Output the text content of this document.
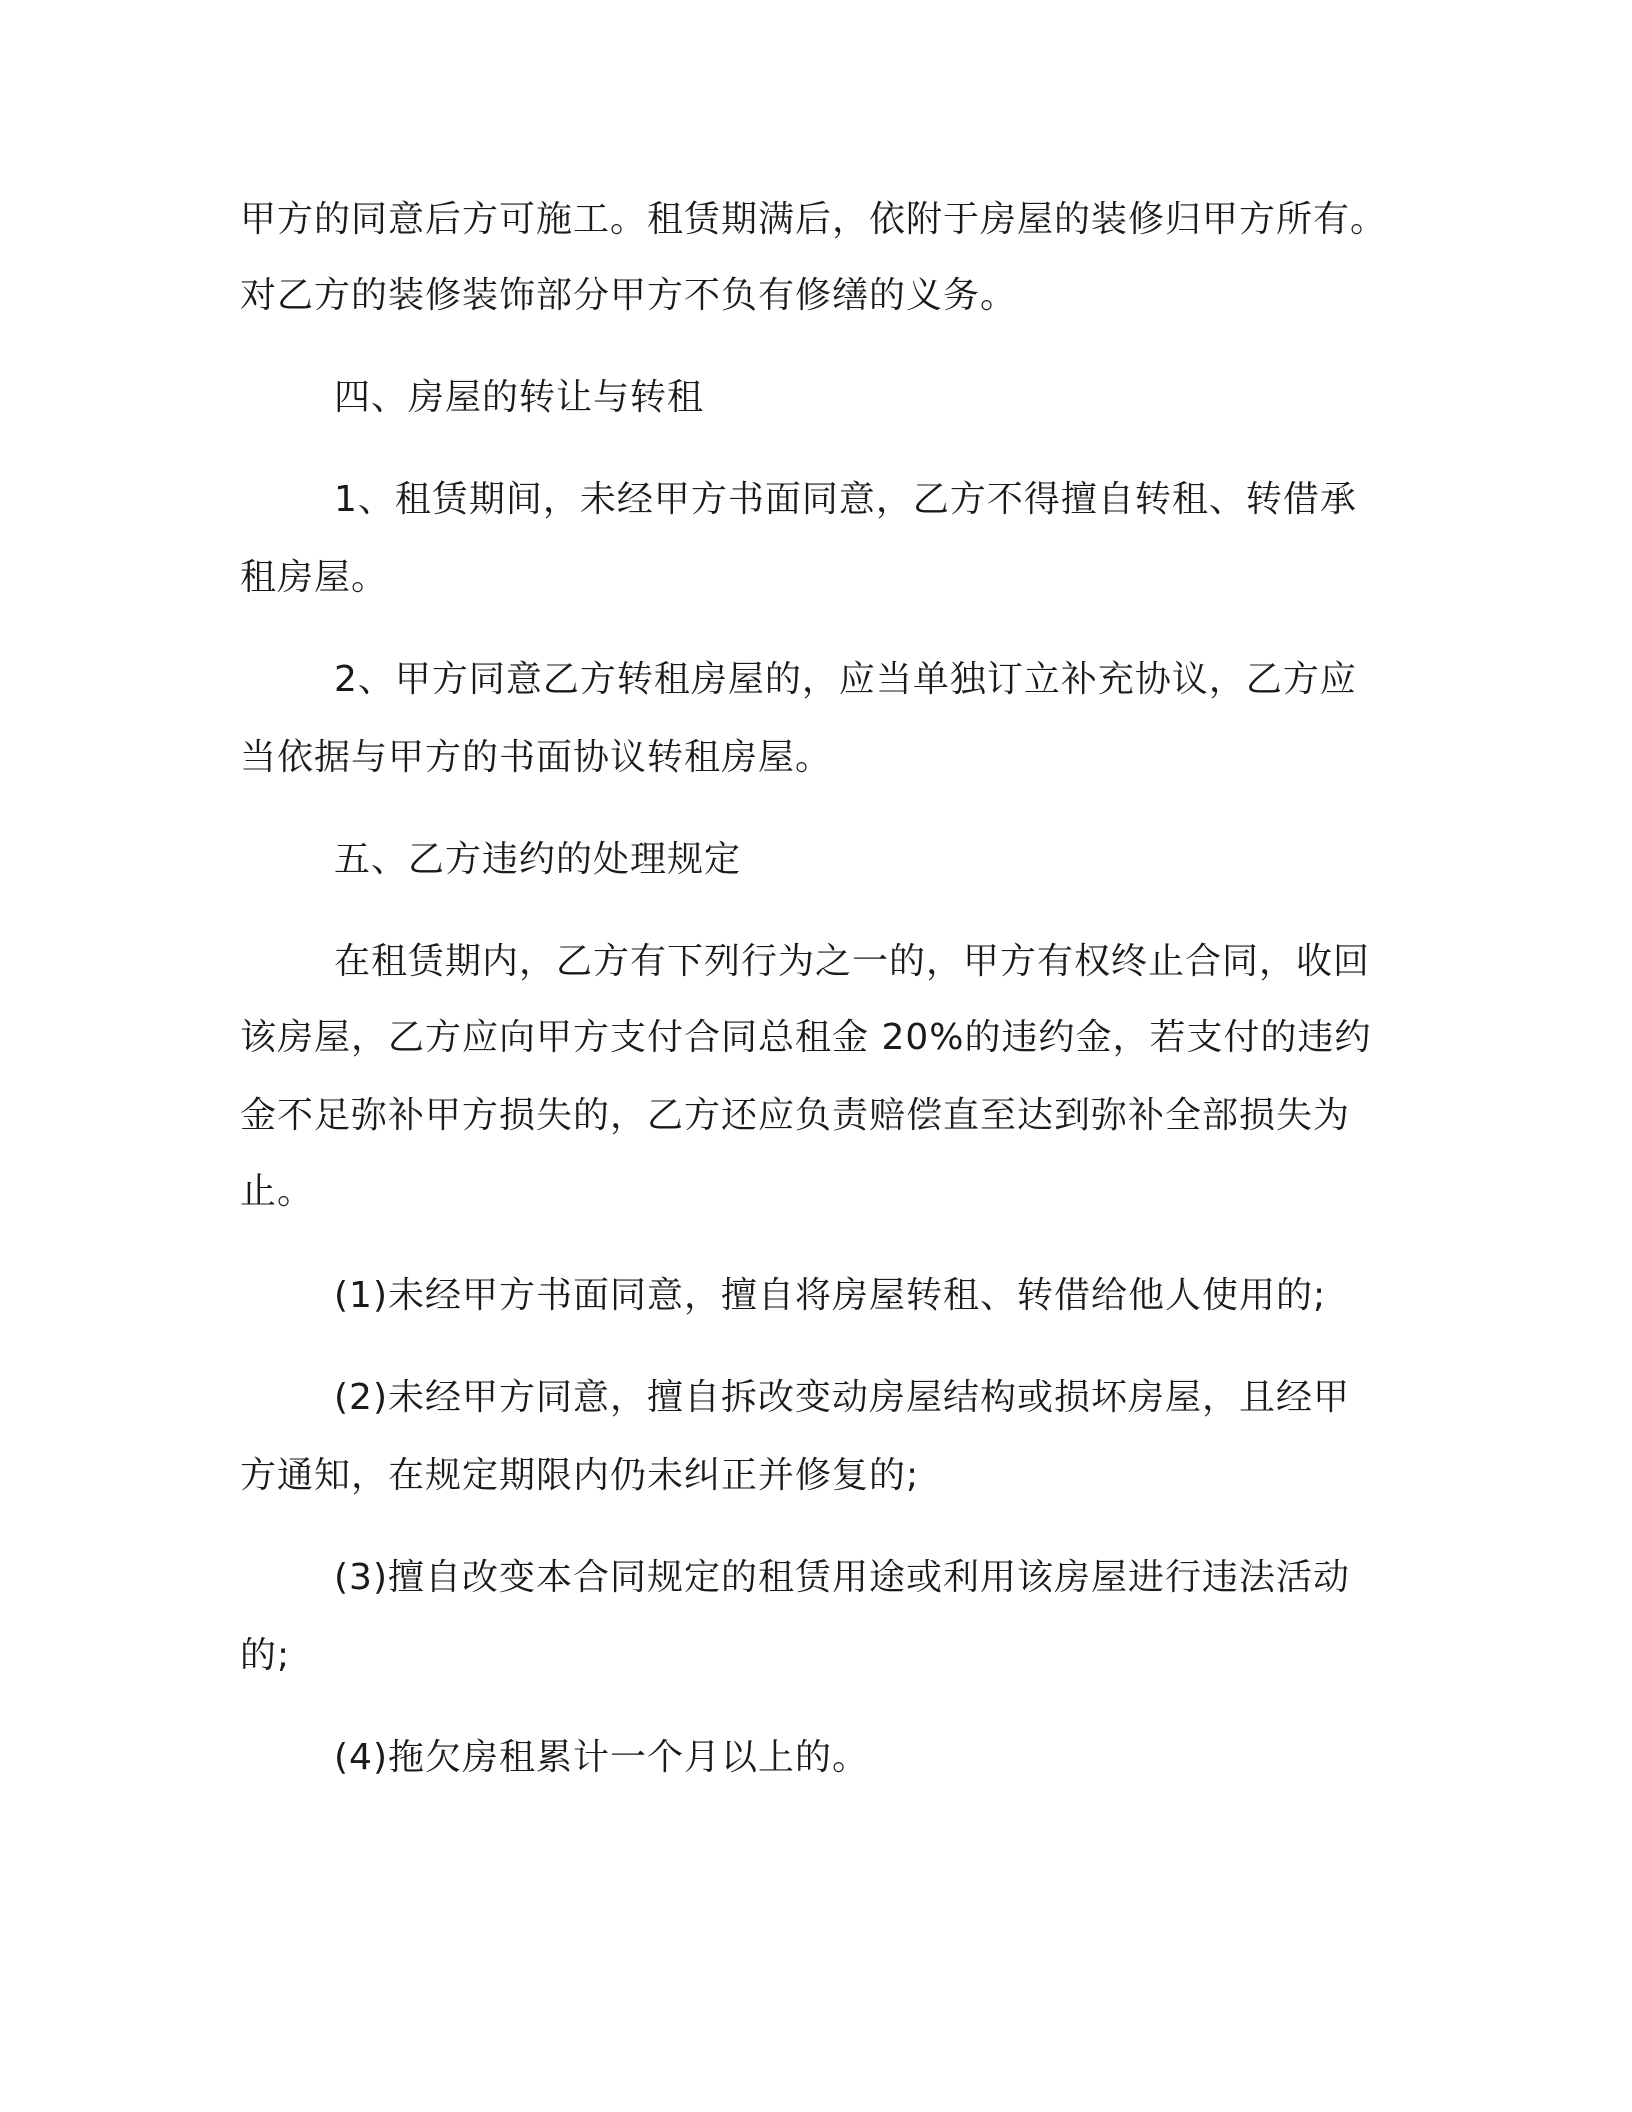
甲方的同意后方可施工。租赁期满后，依附于房屋的装修归甲方所有。
对乙方的装修装饰部分甲方不负有修缮的义务。
四、房屋的转让与转租
1、租赁期间，未经甲方书面同意，乙方不得擅自转租、转借承
租房屋。
2、甲方同意乙方转租房屋的，应当单独订立补充协议，乙方应
当依据与甲方的书面协议转租房屋。
五、乙方违约的处理规定
在租赁期内，乙方有下列行为之一的，甲方有权终止合同，收回
该房屋，乙方应向甲方支付合同总租金 20%的违约金，若支付的违约
金不足弥补甲方损失的，乙方还应负责赔偿直至达到弥补全部损失为
止。
(1)未经甲方书面同意，擅自将房屋转租、转借给他人使用的;
(2)未经甲方同意，擅自拆改变动房屋结构或损坏房屋，且经甲
方通知，在规定期限内仍未纠正并修复的;
(3)擅自改变本合同规定的租赁用途或利用该房屋进行违法活动
的;
(4)拖欠房租累计一个月以上的。
